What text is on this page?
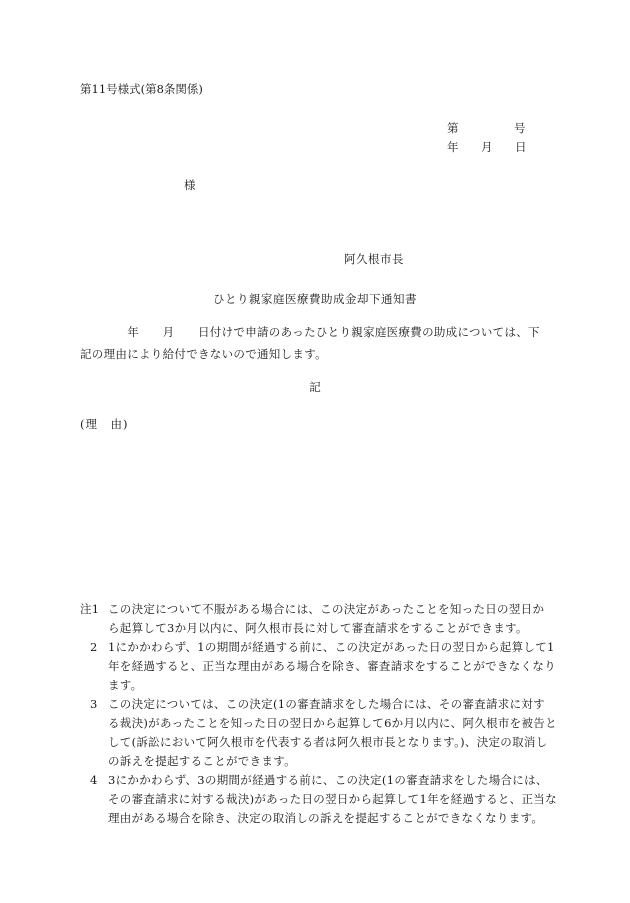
第11号様式(第8条関係)
第	号
年 月 日
様
阿久根市長
ひとり親家庭医療費助成金却下通知書
　　　　年　　月　　日付けで申請のあったひとり親家庭医療費の助成については、下
記の理由により給付できないので通知します。
記
(理　由)
注1 この決定について不服がある場合には、この決定があったことを知った日の翌日か
ら起算して3か月以内に、阿久根市長に対して審査請求をすることができます。
2 1にかかわらず、1の期間が経過する前に、この決定があった日の翌日から起算して1
年を経過すると、正当な理由がある場合を除き、審査請求をすることができなくなり
ます。
3 この決定については、この決定(1の審査請求をした場合には、その審査請求に対す
る裁決)があったことを知った日の翌日から起算して6か月以内に、阿久根市を被告と
して(訴訟において阿久根市を代表する者は阿久根市長となります。)、決定の取消し
の訴えを提起することができます。
4 3にかかわらず、3の期間が経過する前に、この決定(1の審査請求をした場合には、
その審査請求に対する裁決)があった日の翌日から起算して1年を経過すると、正当な
理由がある場合を除き、決定の取消しの訴えを提起することができなくなります。
